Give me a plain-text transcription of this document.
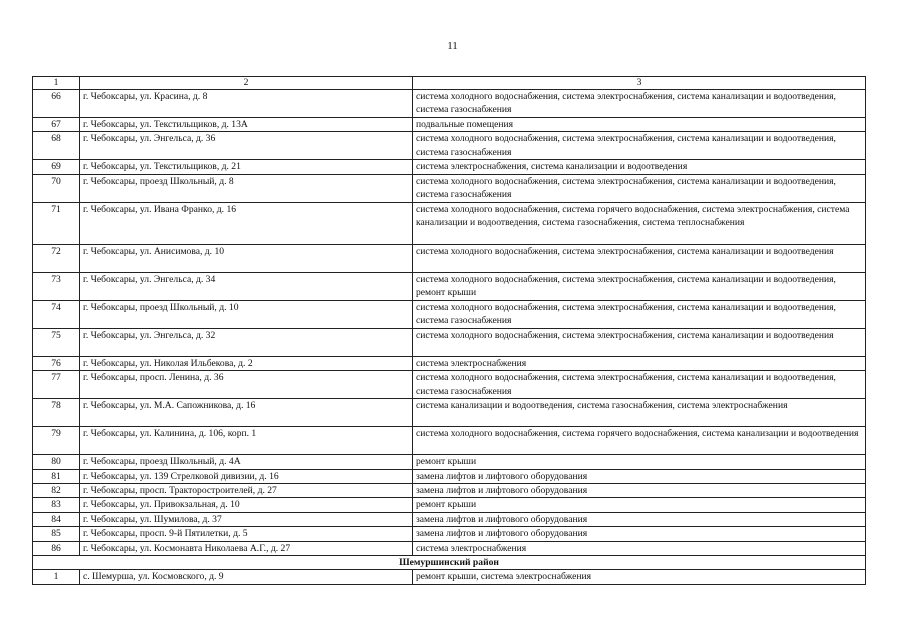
11
1	2	3
66	г. Чебоксары, ул. Красина, д. 8	система холодного водоснабжения, система электроснабжения, система канализации и водоотведения, система газоснабжения
67	г. Чебоксары, ул. Текстильщиков, д. 13А	подвальные помещения
68	г. Чебоксары, ул. Энгельса, д. 36	система холодного водоснабжения, система электроснабжения, система канализации и водоотведения, система газоснабжения
69	г. Чебоксары, ул. Текстильщиков, д. 21	система электроснабжения, система канализации и водоотведения
70	г. Чебоксары, проезд Школьный, д. 8	система холодного водоснабжения, система электроснабжения, система канализации и водоотведения, система газоснабжения
71	г. Чебоксары, ул. Ивана Франко, д. 16	система холодного водоснабжения, система горячего водоснабжения, система электроснабжения, система канализации и водоотведения, система газоснабжения, система теплоснабжения
72	г. Чебоксары, ул. Анисимова, д. 10	система холодного водоснабжения, система электроснабжения, система канализации и водоотведения
73	г. Чебоксары, ул. Энгельса, д. 34	система холодного водоснабжения, система электроснабжения, система канализации и водоотведения, ремонт крыши
74	г. Чебоксары, проезд Школьный, д. 10	система холодного водоснабжения, система электроснабжения, система канализации и водоотведения, система газоснабжения
75	г. Чебоксары, ул. Энгельса, д. 32	система холодного водоснабжения, система электроснабжения, система канализации и водоотведения
76	г. Чебоксары, ул. Николая Ильбекова, д. 2	система электроснабжения
77	г. Чебоксары, просп. Ленина, д. 36	система холодного водоснабжения, система электроснабжения, система канализации и водоотведения, система газоснабжения
78	г. Чебоксары, ул. М.А. Сапожникова, д. 16	система канализации и водоотведения, система газоснабжения, система электроснабжения
79	г. Чебоксары, ул. Калинина, д. 106, корп. 1	система холодного водоснабжения, система горячего водоснабжения, система канализации и водоотведения
80	г. Чебоксары, проезд Школьный, д. 4А	ремонт крыши
81	г. Чебоксары, ул. 139 Стрелковой дивизии, д. 16	замена лифтов и лифтового оборудования
82	г. Чебоксары, просп. Тракторостроителей, д. 27	замена лифтов и лифтового оборудования
83	г. Чебоксары, ул. Привокзальная, д. 10	ремонт крыши
84	г. Чебоксары, ул. Шумилова, д. 37	замена лифтов и лифтового оборудования
85	г. Чебоксары, просп. 9-й Пятилетки, д. 5	замена лифтов и лифтового оборудования
86	г. Чебоксары, ул. Космонавта Николаева А.Г., д. 27	система электроснабжения
Шемуршинский район		
1	с. Шемурша, ул. Космовского, д. 9	ремонт крыши, система электроснабжения
